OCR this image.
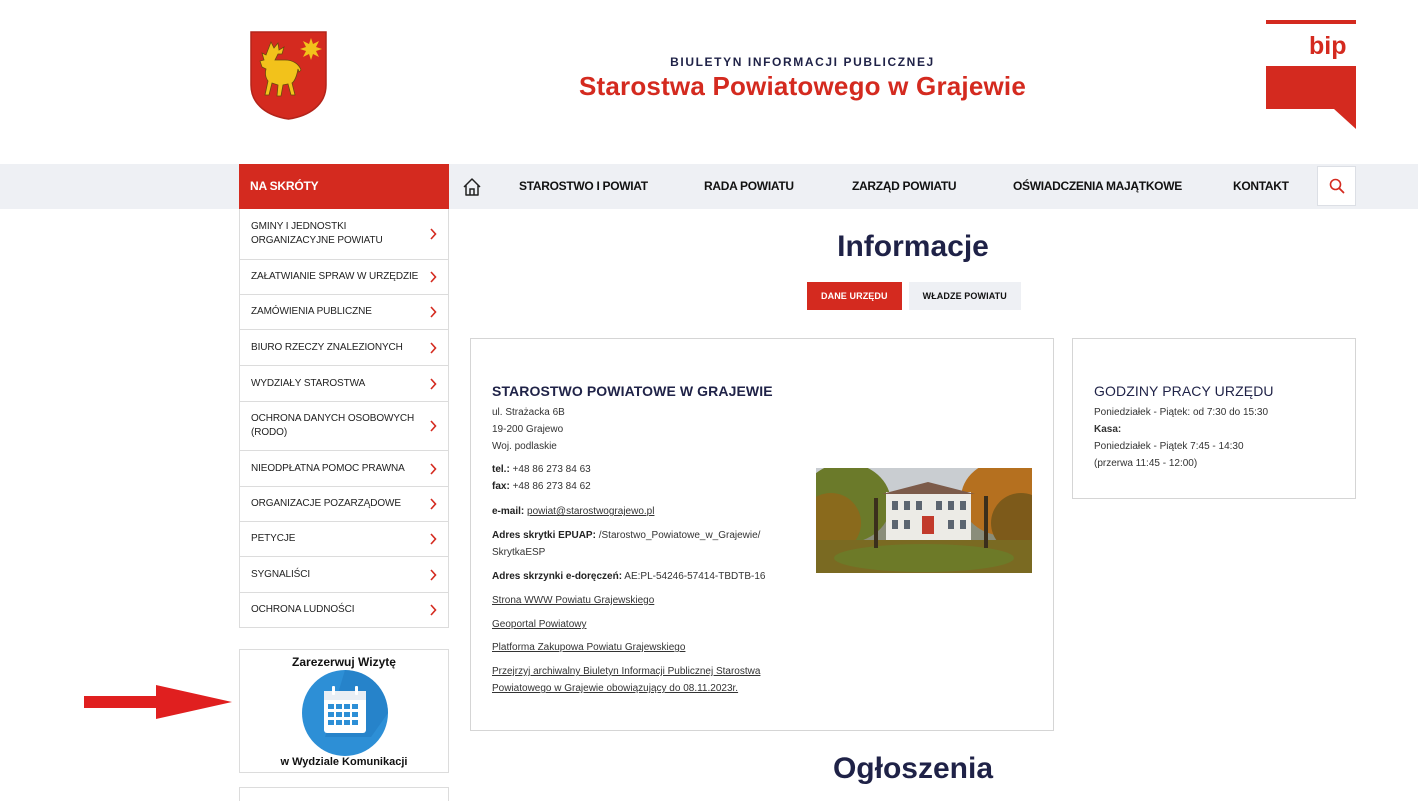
BIULETYN INFORMACJI PUBLICZNEJ
Starostwa Powiatowego w Grajewie
bip
NA SKRÓTY	STAROSTWO I POWIAT	RADA POWIATU	ZARZĄD POWIATU	OŚWIADCZENIA MAJĄTKOWE	KONTAKT
GMINY I JEDNOSTKI ORGANIZACYJNE POWIATU
ZAŁATWIANIE SPRAW W URZĘDZIE
ZAMÓWIENIA PUBLICZNE
BIURO RZECZY ZNALEZIONYCH
WYDZIAŁY STAROSTWA
OCHRONA DANYCH OSOBOWYCH (RODO)
NIEODPŁATNA POMOC PRAWNA
ORGANIZACJE POZARZĄDOWE
PETYCJE
SYGNALIŚCI
OCHRONA LUDNOŚCI
Zarezerwuj Wizytę
w Wydziale Komunikacji
Informacje
DANE URZĘDU	WŁADZE POWIATU
STAROSTWO POWIATOWE W GRAJEWIE
ul. Strażacka 6B
19-200 Grajewo
Woj. podlaskie
tel.: +48 86 273 84 63
fax: +48 86 273 84 62
e-mail: powiat@starostwograjewo.pl
Adres skrytki EPUAP: /Starostwo_Powiatowe_w_Grajewie/
SkrytkaESP
Adres skrzynki e-doręczeń: AE:PL-54246-57414-TBDTB-16
Strona WWW Powiatu Grajewskiego
Geoportal Powiatowy
Platforma Zakupowa Powiatu Grajewskiego
Przejrzyj archiwalny Biuletyn Informacji Publicznej Starostwa
Powiatowego w Grajewie obowiązujący do 08.11.2023r.
GODZINY PRACY URZĘDU
Poniedziałek - Piątek: od 7:30 do 15:30
Kasa:
Poniedziałek - Piątek 7:45 - 14:30
(przerwa 11:45 - 12:00)
Ogłoszenia
